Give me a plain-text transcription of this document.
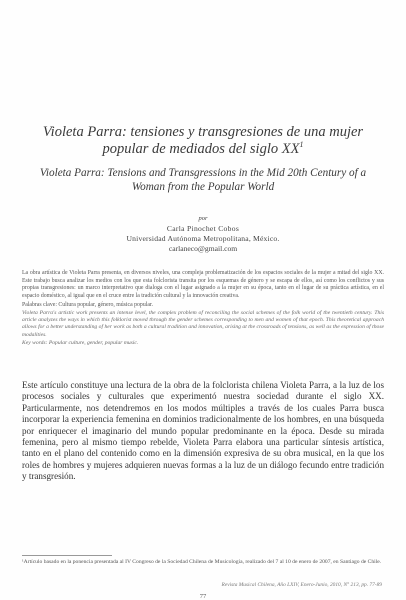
Violeta Parra: tensiones y transgresiones de una mujer popular de mediados del siglo $XX^1$
Violeta Parra: Tensions and Transgressions in the Mid 20th Century of a Woman from the Popular World
por
Carla Pinochet Cobos
Universidad Autónoma Metropolitana, México.
carlaneco@gmail.com

La obra artística de Violeta Parra presenta, en diversos niveles, una compleja problematización de los espacios sociales de la mujer a mitad del siglo XX. Este trabajo busca analizar los medios con los que esta folclorista transita por los esquemas de género y se escapa de ellos, así como los conflictos y sus propias transgresiones: un marco interpretativo que dialoga con el lugar asignado a la mujer en su época, tanto en el lugar de su práctica artística, en el espacio doméstico, al igual que en el cruce entre la tradición cultural y la innovación creativa.

Palabras clave: Cultura popular, género, música popular.

Violeta Parra's artistic work presents an intense level, the complex problem of reconciling the social schemes of the folk world of the twentieth century. This article analyzes the ways in which this folklorist moved through the gender schemes corresponding to men and women of that epoch. This theoretical approach allows for a better understanding of her work as both a cultural tradition and innovation, arising at the crossroads of tensions, as well as the expression of those modalities.

Key words: Popular culture, gender, popular music.

Este artículo constituye una lectura de la obra de la folclorista chilena Violeta Parra, a la luz de los procesos sociales y culturales que experimentó nuestra sociedad durante el siglo XX. Particularmente, nos detendremos en los modos múltiples a través de los cuales Parra busca incorporar la experiencia femenina en dominios tradicionalmente de los hombres, en una búsqueda por enriquecer el imaginario del mundo popular predominante en la época. Desde su mirada femenina, pero al mismo tiempo rebelde, Violeta Parra elabora una particular síntesis artística, tanto en el plano del contenido como en la dimensión expresiva de su obra musical, en la que los roles de hombres y mujeres adquieren nuevas formas a la luz de un diálogo fecundo entre tradición y transgresión.
¹Artículo basado en la ponencia presentada al IV Congreso de la Sociedad Chilena de Musicología, realizado del 7 al 10 de enero de 2007, en Santiago de Chile.
Revista Musical Chilena, Año LXIV, Enero-Junio, 2010, N° 213, pp. 77-89
77
